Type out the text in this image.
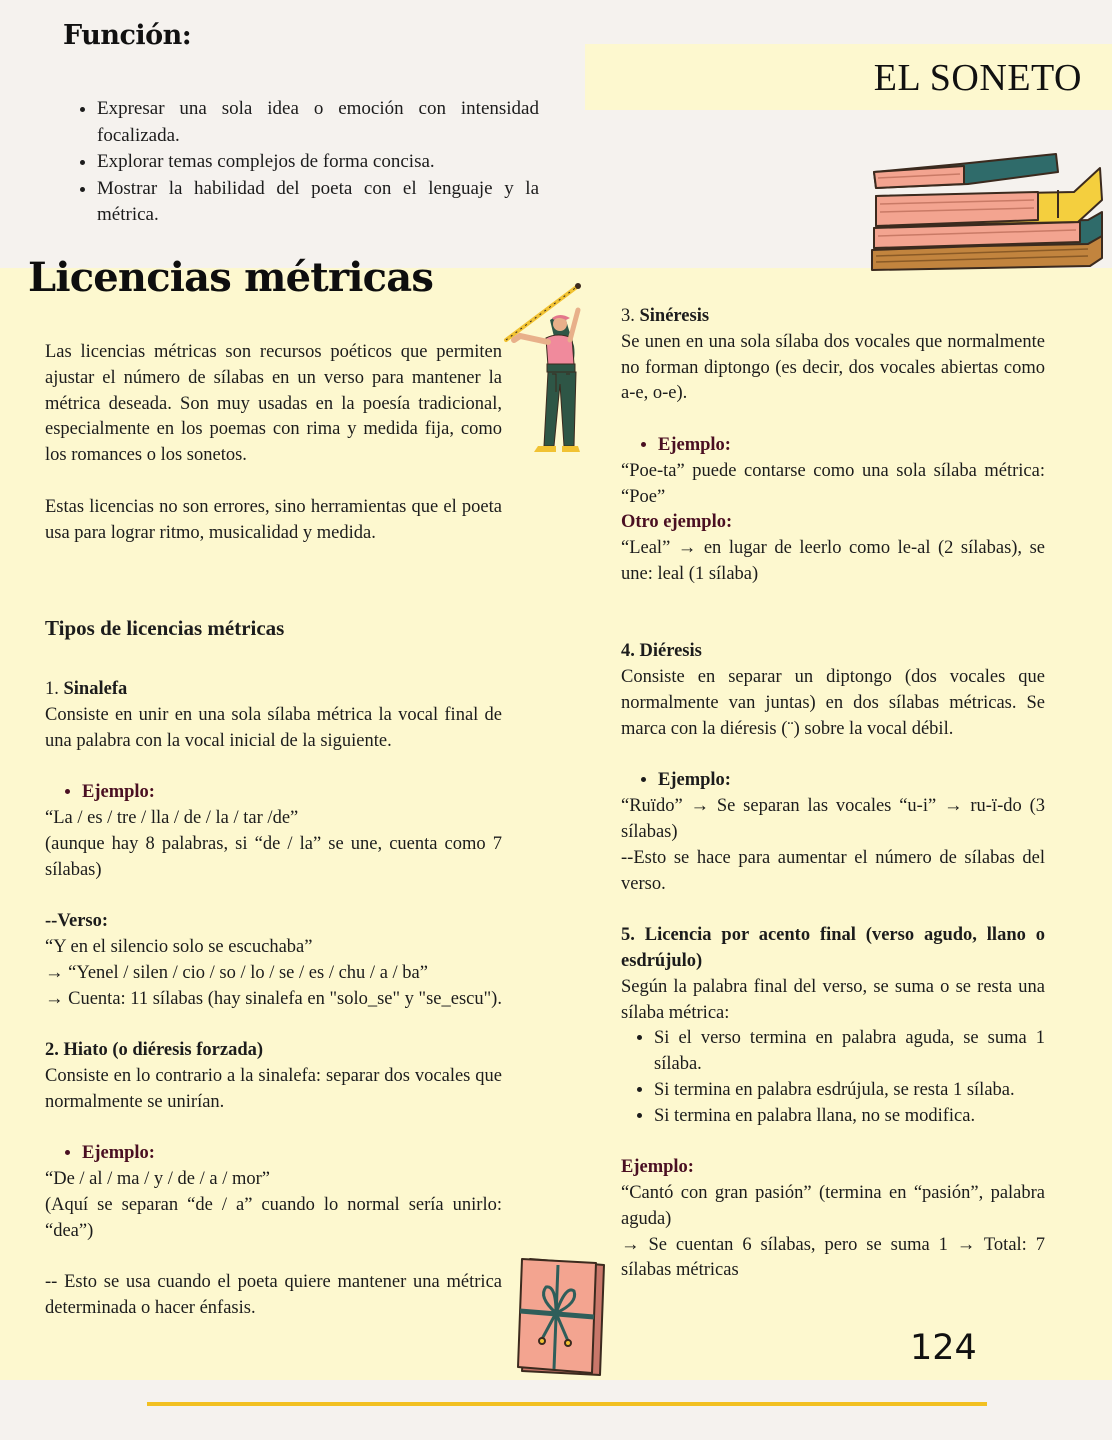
Función:
• Expresar una sola idea o emoción con intensidad focalizada.
• Explorar temas complejos de forma concisa.
• Mostrar la habilidad del poeta con el lenguaje y la métrica.
EL SONETO
Licencias métricas

Las licencias métricas son recursos poéticos que permiten ajustar el número de sílabas en un verso para mantener la métrica deseada. Son muy usadas en la poesía tradicional, especialmente en los poemas con rima y medida fija, como los romances o los sonetos.

Estas licencias no son errores, sino herramientas que el poeta usa para lograr ritmo, musicalidad y medida.

Tipos de licencias métricas

1. Sinalefa

Consiste en unir en una sola sílaba métrica la vocal final de una palabra con la vocal inicial de la siguiente.

• Ejemplo:

“La / es / tre / lla / de / la / tar /de”

(aunque hay 8 palabras, si “de / la” se une, cuenta como 7 sílabas)

--Verso:

“Y en el silencio solo se escuchaba”

→ “Yenel / silen / cio / so / lo / se / es / chu / a / ba”

→ Cuenta: 11 sílabas (hay sinalefa en "solo_se" y "se_escu").

2. Hiato (o diéresis forzada)

Consiste en lo contrario a la sinalefa: separar dos vocales que normalmente se unirían.

• Ejemplo:

“De / al / ma / y / de / a / mor”

(Aquí se separan “de / a” cuando lo normal sería unirlo: “dea”)

-- Esto se usa cuando el poeta quiere mantener una métrica determinada o hacer énfasis.

3. Sinéresis

Se unen en una sola sílaba dos vocales que normalmente no forman diptongo (es decir, dos vocales abiertas como a-e, o-e).

• Ejemplo:

“Poe-ta” puede contarse como una sola sílaba métrica: “Poe”

Otro ejemplo:

“Leal” → en lugar de leerlo como le-al (2 sílabas), se une: leal (1 sílaba)

4. Diéresis

Consiste en separar un diptongo (dos vocales que normalmente van juntas) en dos sílabas métricas. Se marca con la diéresis (¨) sobre la vocal débil.

• Ejemplo:

“Ruïdo” → Se separan las vocales “u-i” → ru-ï-do (3 sílabas)

--Esto se hace para aumentar el número de sílabas del verso.

5. Licencia por acento final (verso agudo, llano o esdrújulo)

Según la palabra final del verso, se suma o se resta una sílaba métrica:

• Si el verso termina en palabra aguda, se suma 1 sílaba.
• Si termina en palabra esdrújula, se resta 1 sílaba.
• Si termina en palabra llana, no se modifica.

Ejemplo:

“Cantó con gran pasión” (termina en “pasión”, palabra aguda)

→ Se cuentan 6 sílabas, pero se suma 1 → Total: 7 sílabas métricas

124
